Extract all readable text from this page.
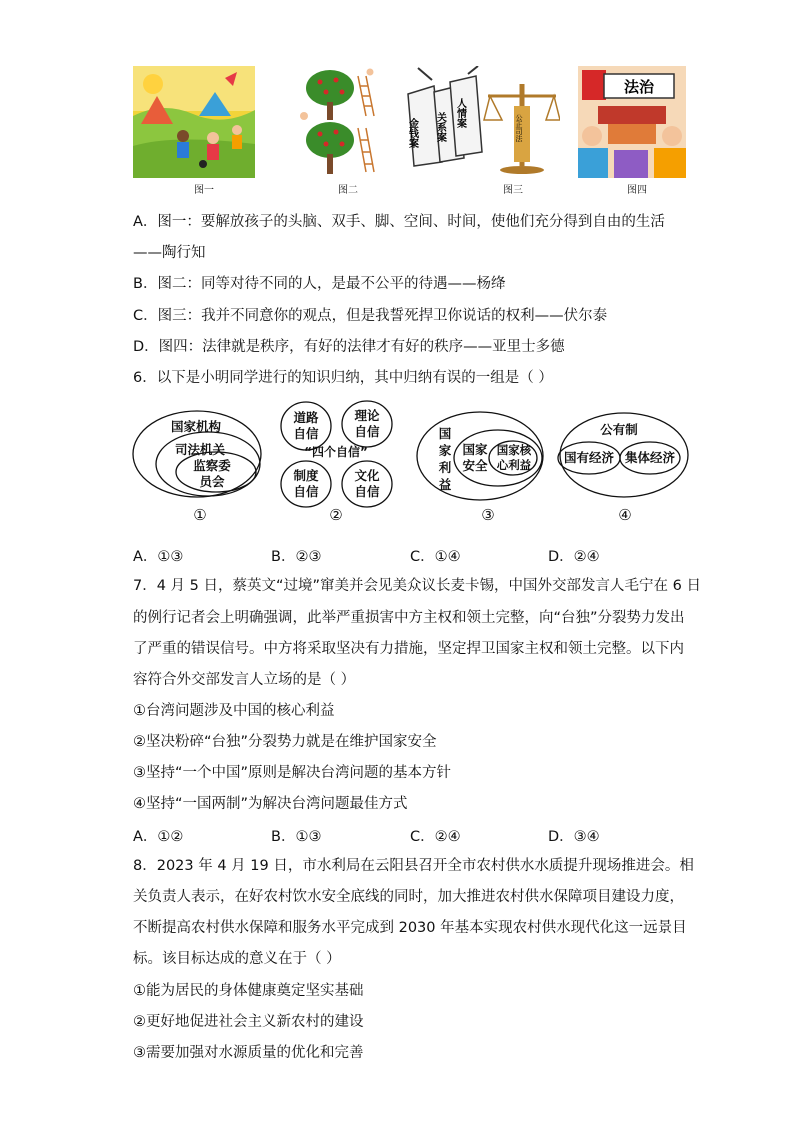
金钱案
人情案
关系案	公正司法
法治
图一	图二	图三	图四
A．图一：要解放孩子的头脑、双手、脚、空间、时间，使他们充分得到自由的生活
——陶行知
B．图二：同等对待不同的人，是最不公平的待遇——杨绛
C．图三：我并不同意你的观点，但是我誓死捍卫你说话的权利——伏尔泰
D．图四：法律就是秩序，有好的法律才有好的秩序——亚里士多德
6．以下是小明同学进行的知识归纳，其中归纳有误的一组是（ ）
国家机构
司法机关
监察委
员会
道路
自信
理论
自信
“四个自信”
制度
自信
文化
自信
国
家
利
益
国家
安全
国家核
心利益
公有制
国有经济 集体经济
①	②	③	④
A．①③	B．②③	C．①④	D．②④
7．4 月 5 日，蔡英文“过境”窜美并会见美众议长麦卡锡，中国外交部发言人毛宁在 6 日
的例行记者会上明确强调，此举严重损害中方主权和领土完整，向“台独”分裂势力发出
了严重的错误信号。中方将采取坚决有力措施，坚定捍卫国家主权和领土完整。以下内
容符合外交部发言人立场的是（ ）
①台湾问题涉及中国的核心利益
②坚决粉碎“台独”分裂势力就是在维护国家安全
③坚持“一个中国”原则是解决台湾问题的基本方针
④坚持“一国两制”为解决台湾问题最佳方式
A．①②	B．①③	C．②④	D．③④
8．2023 年 4 月 19 日，市水利局在云阳县召开全市农村供水水质提升现场推进会。相
关负责人表示，在好农村饮水安全底线的同时，加大推进农村供水保障项目建设力度，
不断提高农村供水保障和服务水平完成到 2030 年基本实现农村供水现代化这一远景目
标。该目标达成的意义在于（ ）
①能为居民的身体健康奠定坚实基础
②更好地促进社会主义新农村的建设
③需要加强对水源质量的优化和完善
